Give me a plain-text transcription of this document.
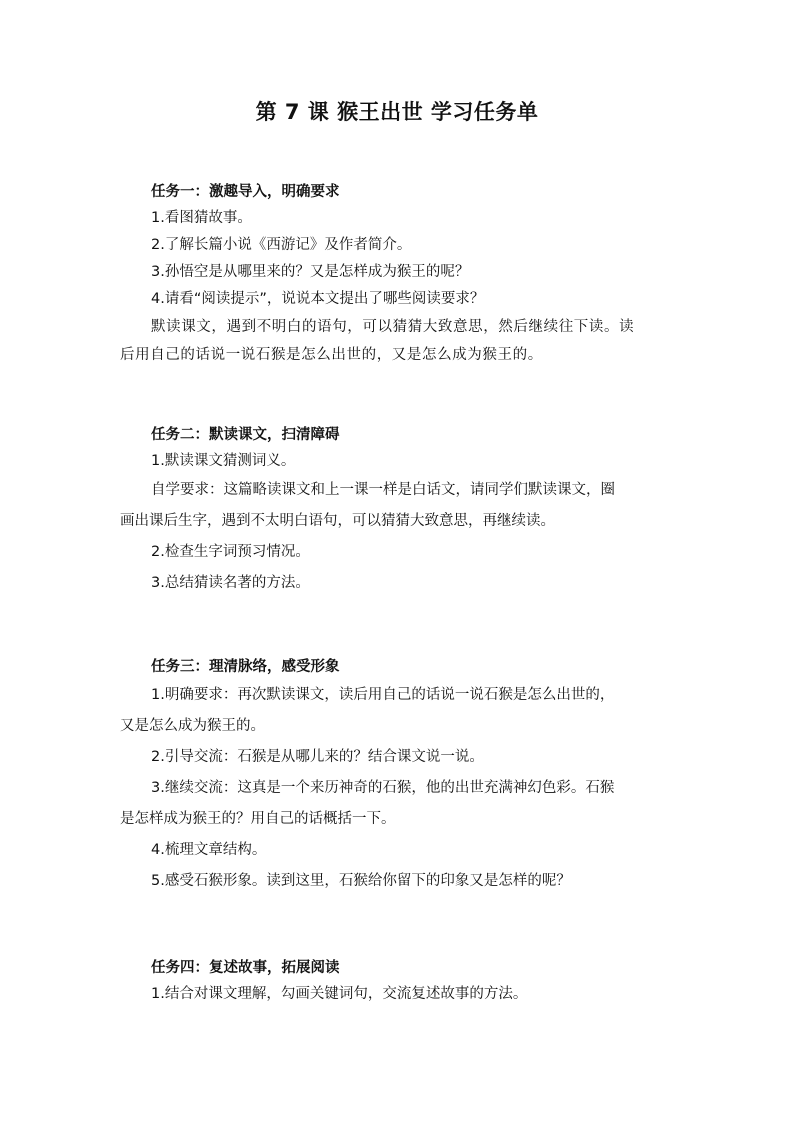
第 7 课 猴王出世 学习任务单
任务一：激趣导入，明确要求
1.看图猜故事。
2.了解长篇小说《西游记》及作者简介。
3.孙悟空是从哪里来的？又是怎样成为猴王的呢？
4.请看“阅读提示”，说说本文提出了哪些阅读要求？
默读课文，遇到不明白的语句，可以猜猜大致意思，然后继续往下读。读
后用自己的话说一说石猴是怎么出世的，又是怎么成为猴王的。
任务二：默读课文，扫清障碍
1.默读课文猜测词义。
自学要求：这篇略读课文和上一课一样是白话文，请同学们默读课文，圈
画出课后生字，遇到不太明白语句，可以猜猜大致意思，再继续读。
2.检查生字词预习情况。
3.总结猜读名著的方法。
任务三：理清脉络，感受形象
1.明确要求：再次默读课文，读后用自己的话说一说石猴是怎么出世的，
又是怎么成为猴王的。
2.引导交流：石猴是从哪儿来的？结合课文说一说。
3.继续交流：这真是一个来历神奇的石猴，他的出世充满神幻色彩。石猴
是怎样成为猴王的？用自己的话概括一下。
4.梳理文章结构。
5.感受石猴形象。读到这里，石猴给你留下的印象又是怎样的呢？
任务四：复述故事，拓展阅读
1.结合对课文理解，勾画关键词句，交流复述故事的方法。
